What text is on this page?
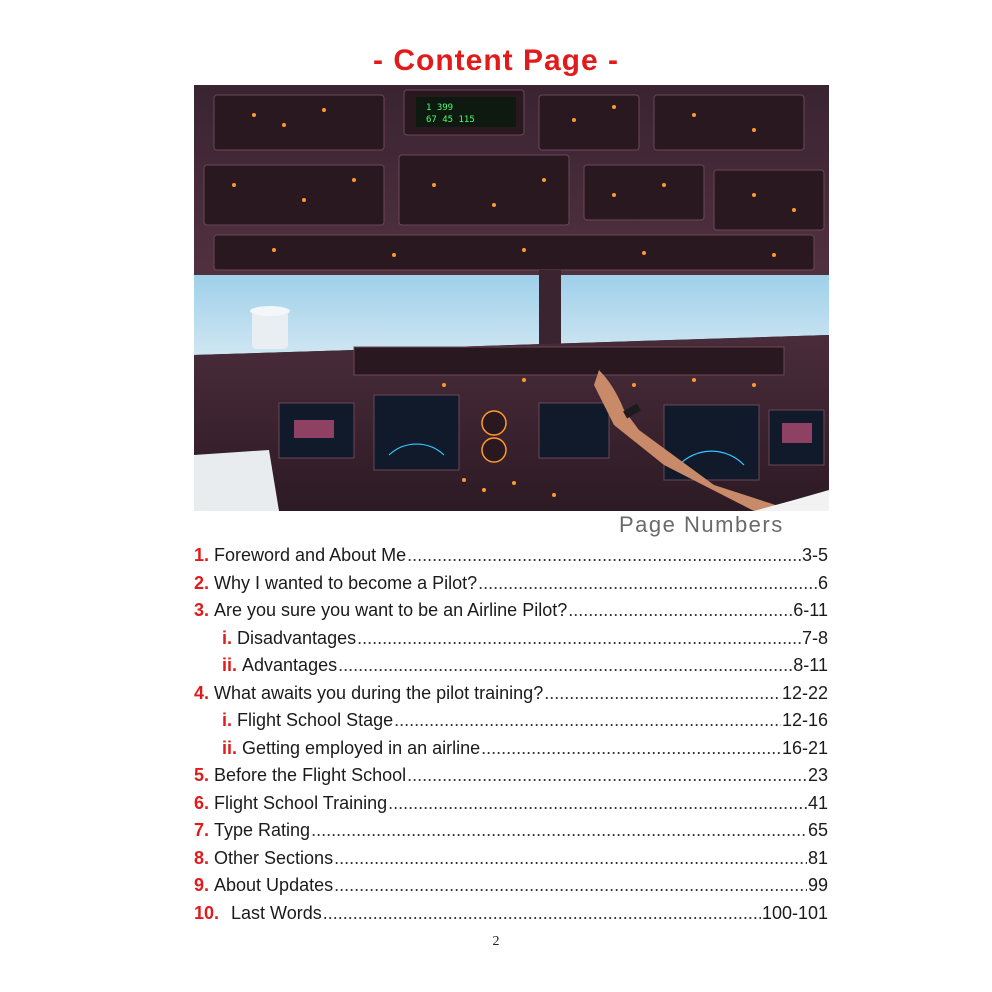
- Content Page -
1 399
67 45 115
Page Numbers
1. Foreword and About Me .....	3-5
2. Why I wanted to become a Pilot? .....	6
3. Are you sure you want to be an Airline Pilot? .....	6-11
i. Disadvantages .....	7-8
ii. Advantages .....	8-11
4. What awaits you during the pilot training? .....	12-22
i. Flight School Stage .....	12-16
ii. Getting employed in an airline .....	16-21
5. Before the Flight School .....	23
6. Flight School Training .....	41
7. Type Rating .....	65
8. Other Sections .....	81
9. About Updates .....	99
10. Last Words .....	100-101
2
